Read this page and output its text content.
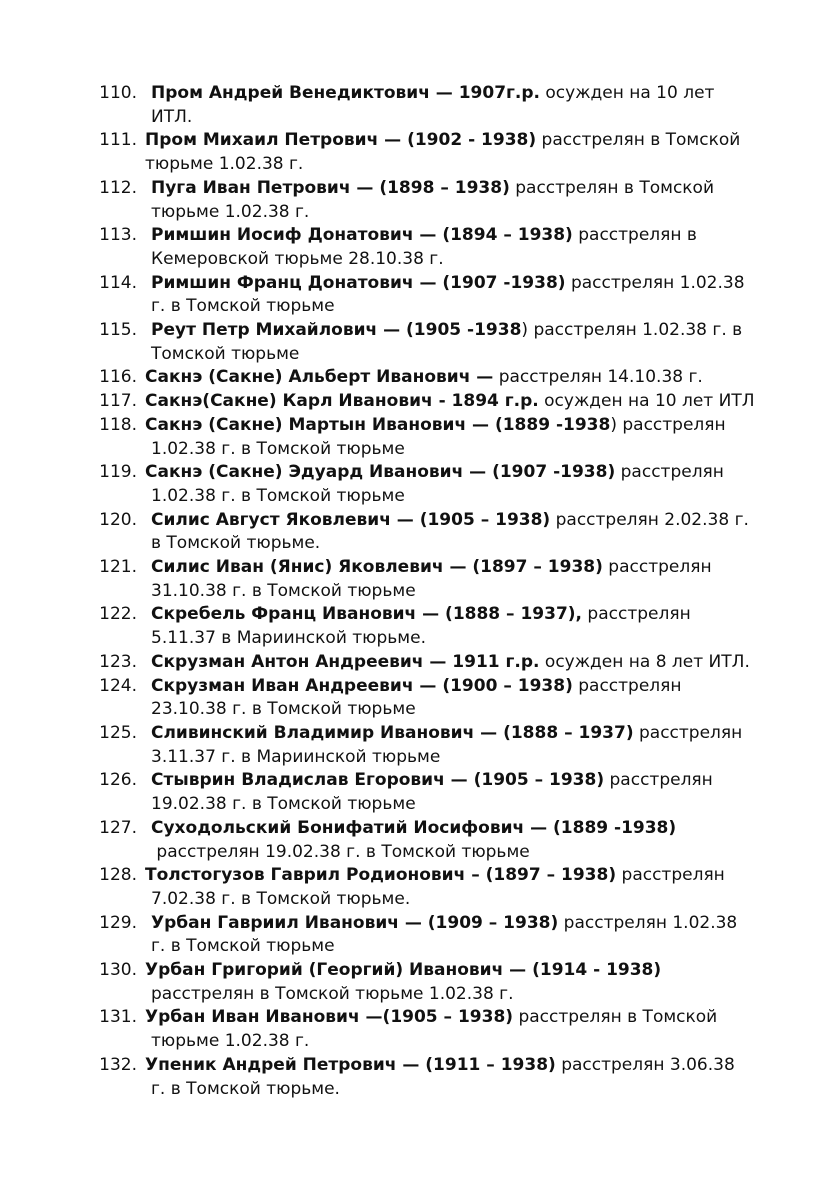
110. Пром Андрей Венедиктович — 1907г.р. осужден на 10 лет
ИТЛ.
111. Пром Михаил Петрович — (1902 - 1938) расстрелян в Томской
тюрьме 1.02.38 г.
112. Пуга Иван Петрович — (1898 – 1938) расстрелян в Томской
тюрьме 1.02.38 г.
113. Римшин Иосиф Донатович — (1894 – 1938) расстрелян в
Кемеровской тюрьме 28.10.38 г.
114. Римшин Франц Донатович — (1907 -1938) расстрелян 1.02.38
г. в Томской тюрьме
115. Реут Петр Михайлович — (1905 -1938) расстрелян 1.02.38 г. в
Томской тюрьме
116. Сакнэ (Сакне) Альберт Иванович — расстрелян 14.10.38 г.
117. Сакнэ(Сакне) Карл Иванович - 1894 г.р. осужден на 10 лет ИТЛ
118. Сакнэ (Сакне) Мартын Иванович — (1889 -1938) расстрелян
1.02.38 г. в Томской тюрьме
119. Сакнэ (Сакне) Эдуард Иванович — (1907 -1938) расстрелян
1.02.38 г. в Томской тюрьме
120. Силис Август Яковлевич — (1905 – 1938) расстрелян 2.02.38 г.
в Томской тюрьме.
121. Силис Иван (Янис) Яковлевич — (1897 – 1938) расстрелян
31.10.38 г. в Томской тюрьме
122. Скребель Франц Иванович — (1888 – 1937), расстрелян
5.11.37 в Мариинской тюрьме.
123. Скрузман Антон Андреевич — 1911 г.р. осужден на 8 лет ИТЛ.
124. Скрузман Иван Андреевич — (1900 – 1938) расстрелян
23.10.38 г. в Томской тюрьме
125. Сливинский Владимир Иванович — (1888 – 1937) расстрелян
3.11.37 г. в Мариинской тюрьме
126. Стыврин Владислав Егорович — (1905 – 1938) расстрелян
19.02.38 г. в Томской тюрьме
127. Суходольский Бонифатий Иосифович — (1889 -1938)
расстрелян 19.02.38 г. в Томской тюрьме
128. Толстогузов Гаврил Родионович – (1897 – 1938) расстрелян
7.02.38 г. в Томской тюрьме.
129. Урбан Гавриил Иванович — (1909 – 1938) расстрелян 1.02.38
г. в Томской тюрьме
130. Урбан Григорий (Георгий) Иванович — (1914 - 1938)
расстрелян в Томской тюрьме 1.02.38 г.
131. Урбан Иван Иванович —(1905 – 1938) расстрелян в Томской
тюрьме 1.02.38 г.
132. Упеник Андрей Петрович — (1911 – 1938) расстрелян 3.06.38
г. в Томской тюрьме.
